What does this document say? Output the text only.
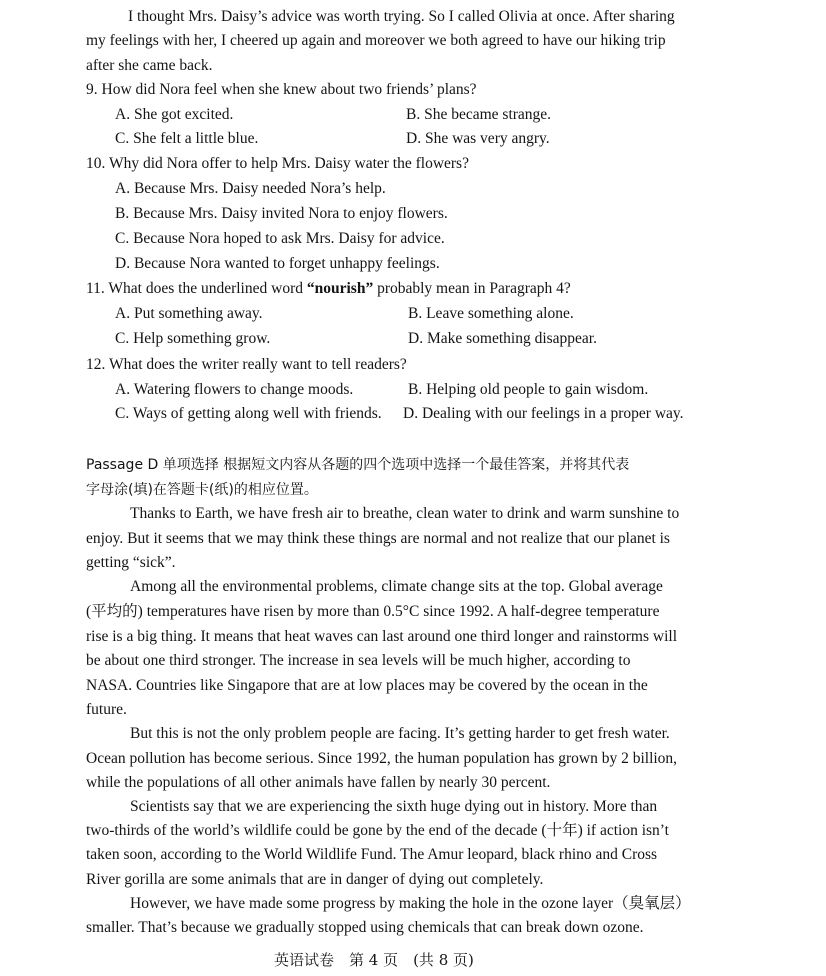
I thought Mrs. Daisy’s advice was worth trying. So I called Olivia at once. After sharing
my feelings with her, I cheered up again and moreover we both agreed to have our hiking trip
after she came back.
9. How did Nora feel when she knew about two friends’ plans?
A. She got excited.	B. She became strange.
C. She felt a little blue.	D. She was very angry.
10. Why did Nora offer to help Mrs. Daisy water the flowers?
A. Because Mrs. Daisy needed Nora’s help.
B. Because Mrs. Daisy invited Nora to enjoy flowers.
C. Because Nora hoped to ask Mrs. Daisy for advice.
D. Because Nora wanted to forget unhappy feelings.
11. What does the underlined word “nourish” probably mean in Paragraph 4?
A. Put something away.	B. Leave something alone.
C. Help something grow.	D. Make something disappear.
12. What does the writer really want to tell readers?
A. Watering flowers to change moods.	B. Helping old people to gain wisdom.
C. Ways of getting along well with friends. D. Dealing with our feelings in a proper way.
Passage D 单项选择 根据短文内容从各题的四个选项中选择一个最佳答案，并将其代表
字母涂(填)在答题卡(纸)的相应位置。
Thanks to Earth, we have fresh air to breathe, clean water to drink and warm sunshine to
enjoy. But it seems that we may think these things are normal and not realize that our planet is
getting “sick”.
Among all the environmental problems, climate change sits at the top. Global average
(平均的) temperatures have risen by more than 0.5°C since 1992. A half-degree temperature
rise is a big thing. It means that heat waves can last around one third longer and rainstorms will
be about one third stronger. The increase in sea levels will be much higher, according to
NASA. Countries like Singapore that are at low places may be covered by the ocean in the
future.
But this is not the only problem people are facing. It’s getting harder to get fresh water.
Ocean pollution has become serious. Since 1992, the human population has grown by 2 billion,
while the populations of all other animals have fallen by nearly 30 percent.
Scientists say that we are experiencing the sixth huge dying out in history. More than
two-thirds of the world’s wildlife could be gone by the end of the decade (十年) if action isn’t
taken soon, according to the World Wildlife Fund. The Amur leopard, black rhino and Cross
River gorilla are some animals that are in danger of dying out completely.
However, we have made some progress by making the hole in the ozone layer（臭氧层）
smaller. That’s because we gradually stopped using chemicals that can break down ozone.
英语试卷　第 4 页　(共 8 页)
